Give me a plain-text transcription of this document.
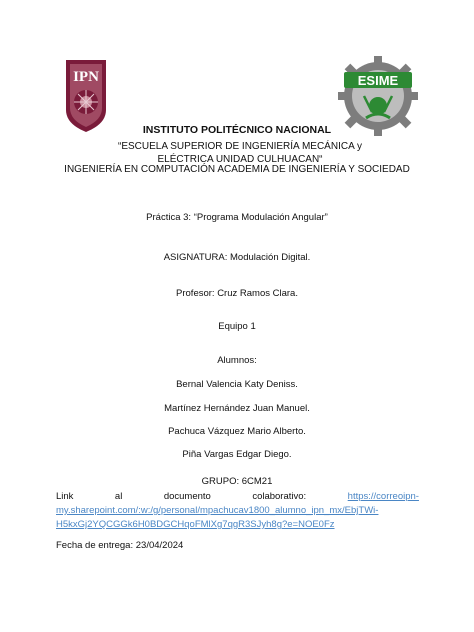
IPN	ESIME
INSTITUTO POLITÉCNICO NACIONAL
“ESCUELA SUPERIOR DE INGENIERÍA MECÁNICA y ELÉCTRICA UNIDAD CULHUACAN“
INGENIERÍA EN COMPUTACIÓN ACADEMIA DE INGENIERÍA Y SOCIEDAD
Práctica 3: “Programa Modulación Angular”
ASIGNATURA: Modulación Digital.
Profesor: Cruz Ramos Clara.
Equipo 1
Alumnos:
Bernal Valencia Katy Deniss.
Martínez Hernández Juan Manuel.
Pachuca Vázquez Mario Alberto.
Piña Vargas Edgar Diego.
GRUPO: 6CM21
Link	al	documento	colaborativo:	https://correoipn-
my.sharepoint.com/:w:/g/personal/mpachucav1800_alumno_ipn_mx/EbjTWi-
H5kxGj2YQCGGk6H0BDGCHqoFMlXg7qgR3SJyh8g?e=NOE0Fz
Fecha de entrega: 23/04/2024
